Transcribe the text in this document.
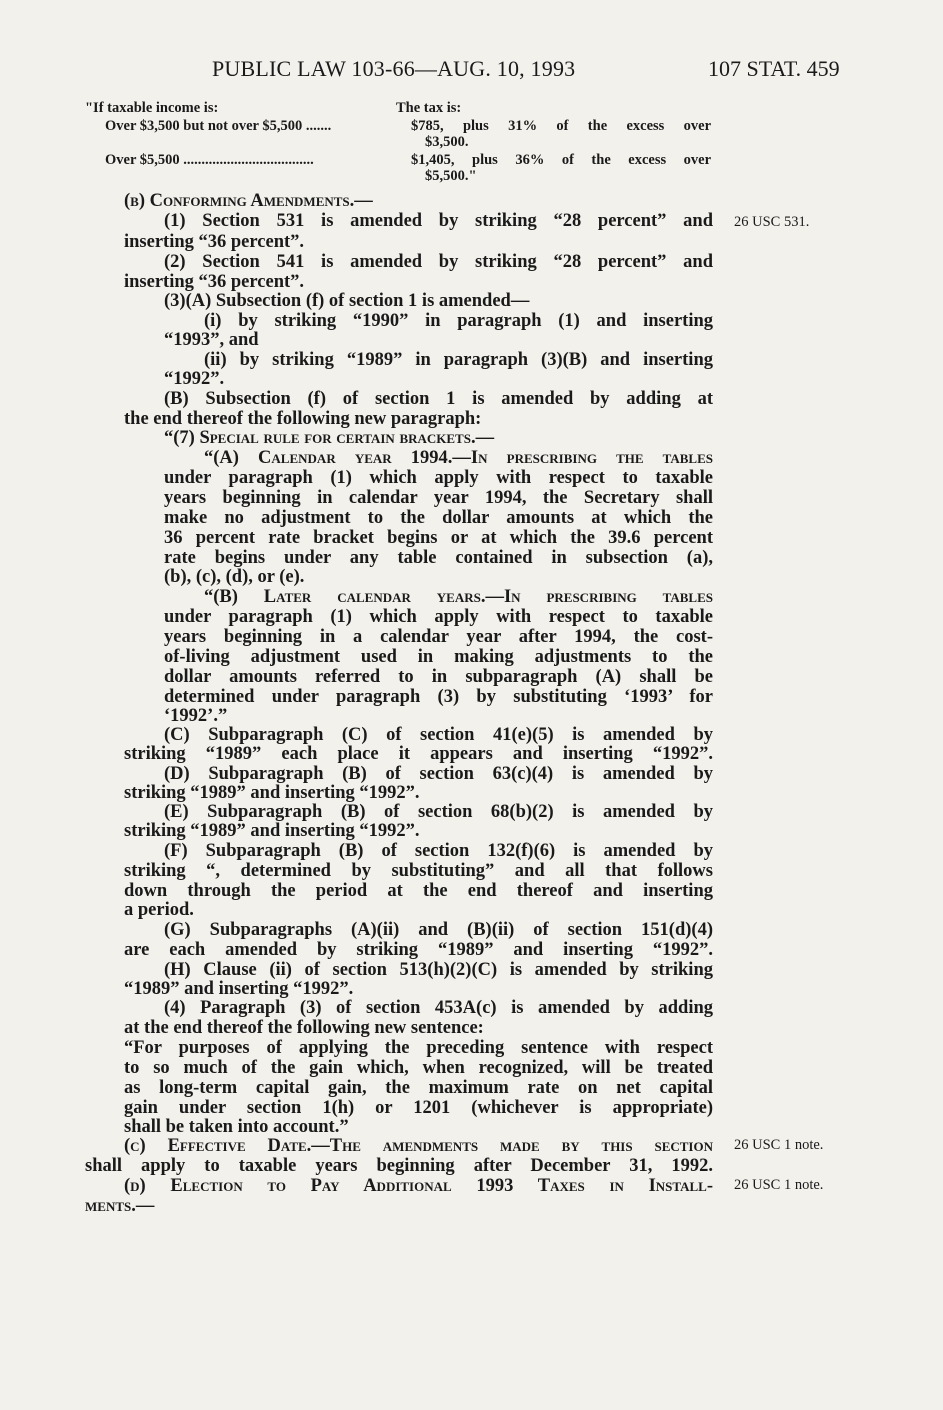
PUBLIC LAW 103-66—AUG. 10, 1993	107 STAT. 459
"If taxable income is:	The tax is:
Over $3,500 but not over $5,500 .......	$785, plus 31% of the excess over
$3,500.
Over $5,500 ....................................	$1,405, plus 36% of the excess over
$5,500."
(b) Conforming Amendments.—
(1) Section 531 is amended by striking “28 percent” and
inserting “36 percent”.
(2) Section 541 is amended by striking “28 percent” and
inserting “36 percent”.
(3)(A) Subsection (f) of section 1 is amended—
(i) by striking “1990” in paragraph (1) and inserting
“1993”, and
(ii) by striking “1989” in paragraph (3)(B) and inserting
“1992”.
(B) Subsection (f) of section 1 is amended by adding at
the end thereof the following new paragraph:
“(7) Special rule for certain brackets.—
“(A) Calendar year 1994.—In prescribing the tables
under paragraph (1) which apply with respect to taxable
years beginning in calendar year 1994, the Secretary shall
make no adjustment to the dollar amounts at which the
36 percent rate bracket begins or at which the 39.6 percent
rate begins under any table contained in subsection (a),
(b), (c), (d), or (e).
“(B) Later calendar years.—In prescribing tables
under paragraph (1) which apply with respect to taxable
years beginning in a calendar year after 1994, the cost-
of-living adjustment used in making adjustments to the
dollar amounts referred to in subparagraph (A) shall be
determined under paragraph (3) by substituting ‘1993’ for
‘1992’.”
(C) Subparagraph (C) of section 41(e)(5) is amended by
striking “1989” each place it appears and inserting “1992”.
(D) Subparagraph (B) of section 63(c)(4) is amended by
striking “1989” and inserting “1992”.
(E) Subparagraph (B) of section 68(b)(2) is amended by
striking “1989” and inserting “1992”.
(F) Subparagraph (B) of section 132(f)(6) is amended by
striking “, determined by substituting” and all that follows
down through the period at the end thereof and inserting
a period.
(G) Subparagraphs (A)(ii) and (B)(ii) of section 151(d)(4)
are each amended by striking “1989” and inserting “1992”.
(H) Clause (ii) of section 513(h)(2)(C) is amended by striking
“1989” and inserting “1992”.
(4) Paragraph (3) of section 453A(c) is amended by adding
at the end thereof the following new sentence:
“For purposes of applying the preceding sentence with respect
to so much of the gain which, when recognized, will be treated
as long-term capital gain, the maximum rate on net capital
gain under section 1(h) or 1201 (whichever is appropriate)
shall be taken into account.”
(c) Effective Date.—The amendments made by this section
shall apply to taxable years beginning after December 31, 1992.
(d) Election to Pay Additional 1993 Taxes in Install-
ments.—
26 USC 531.
26 USC 1 note.
26 USC 1 note.
